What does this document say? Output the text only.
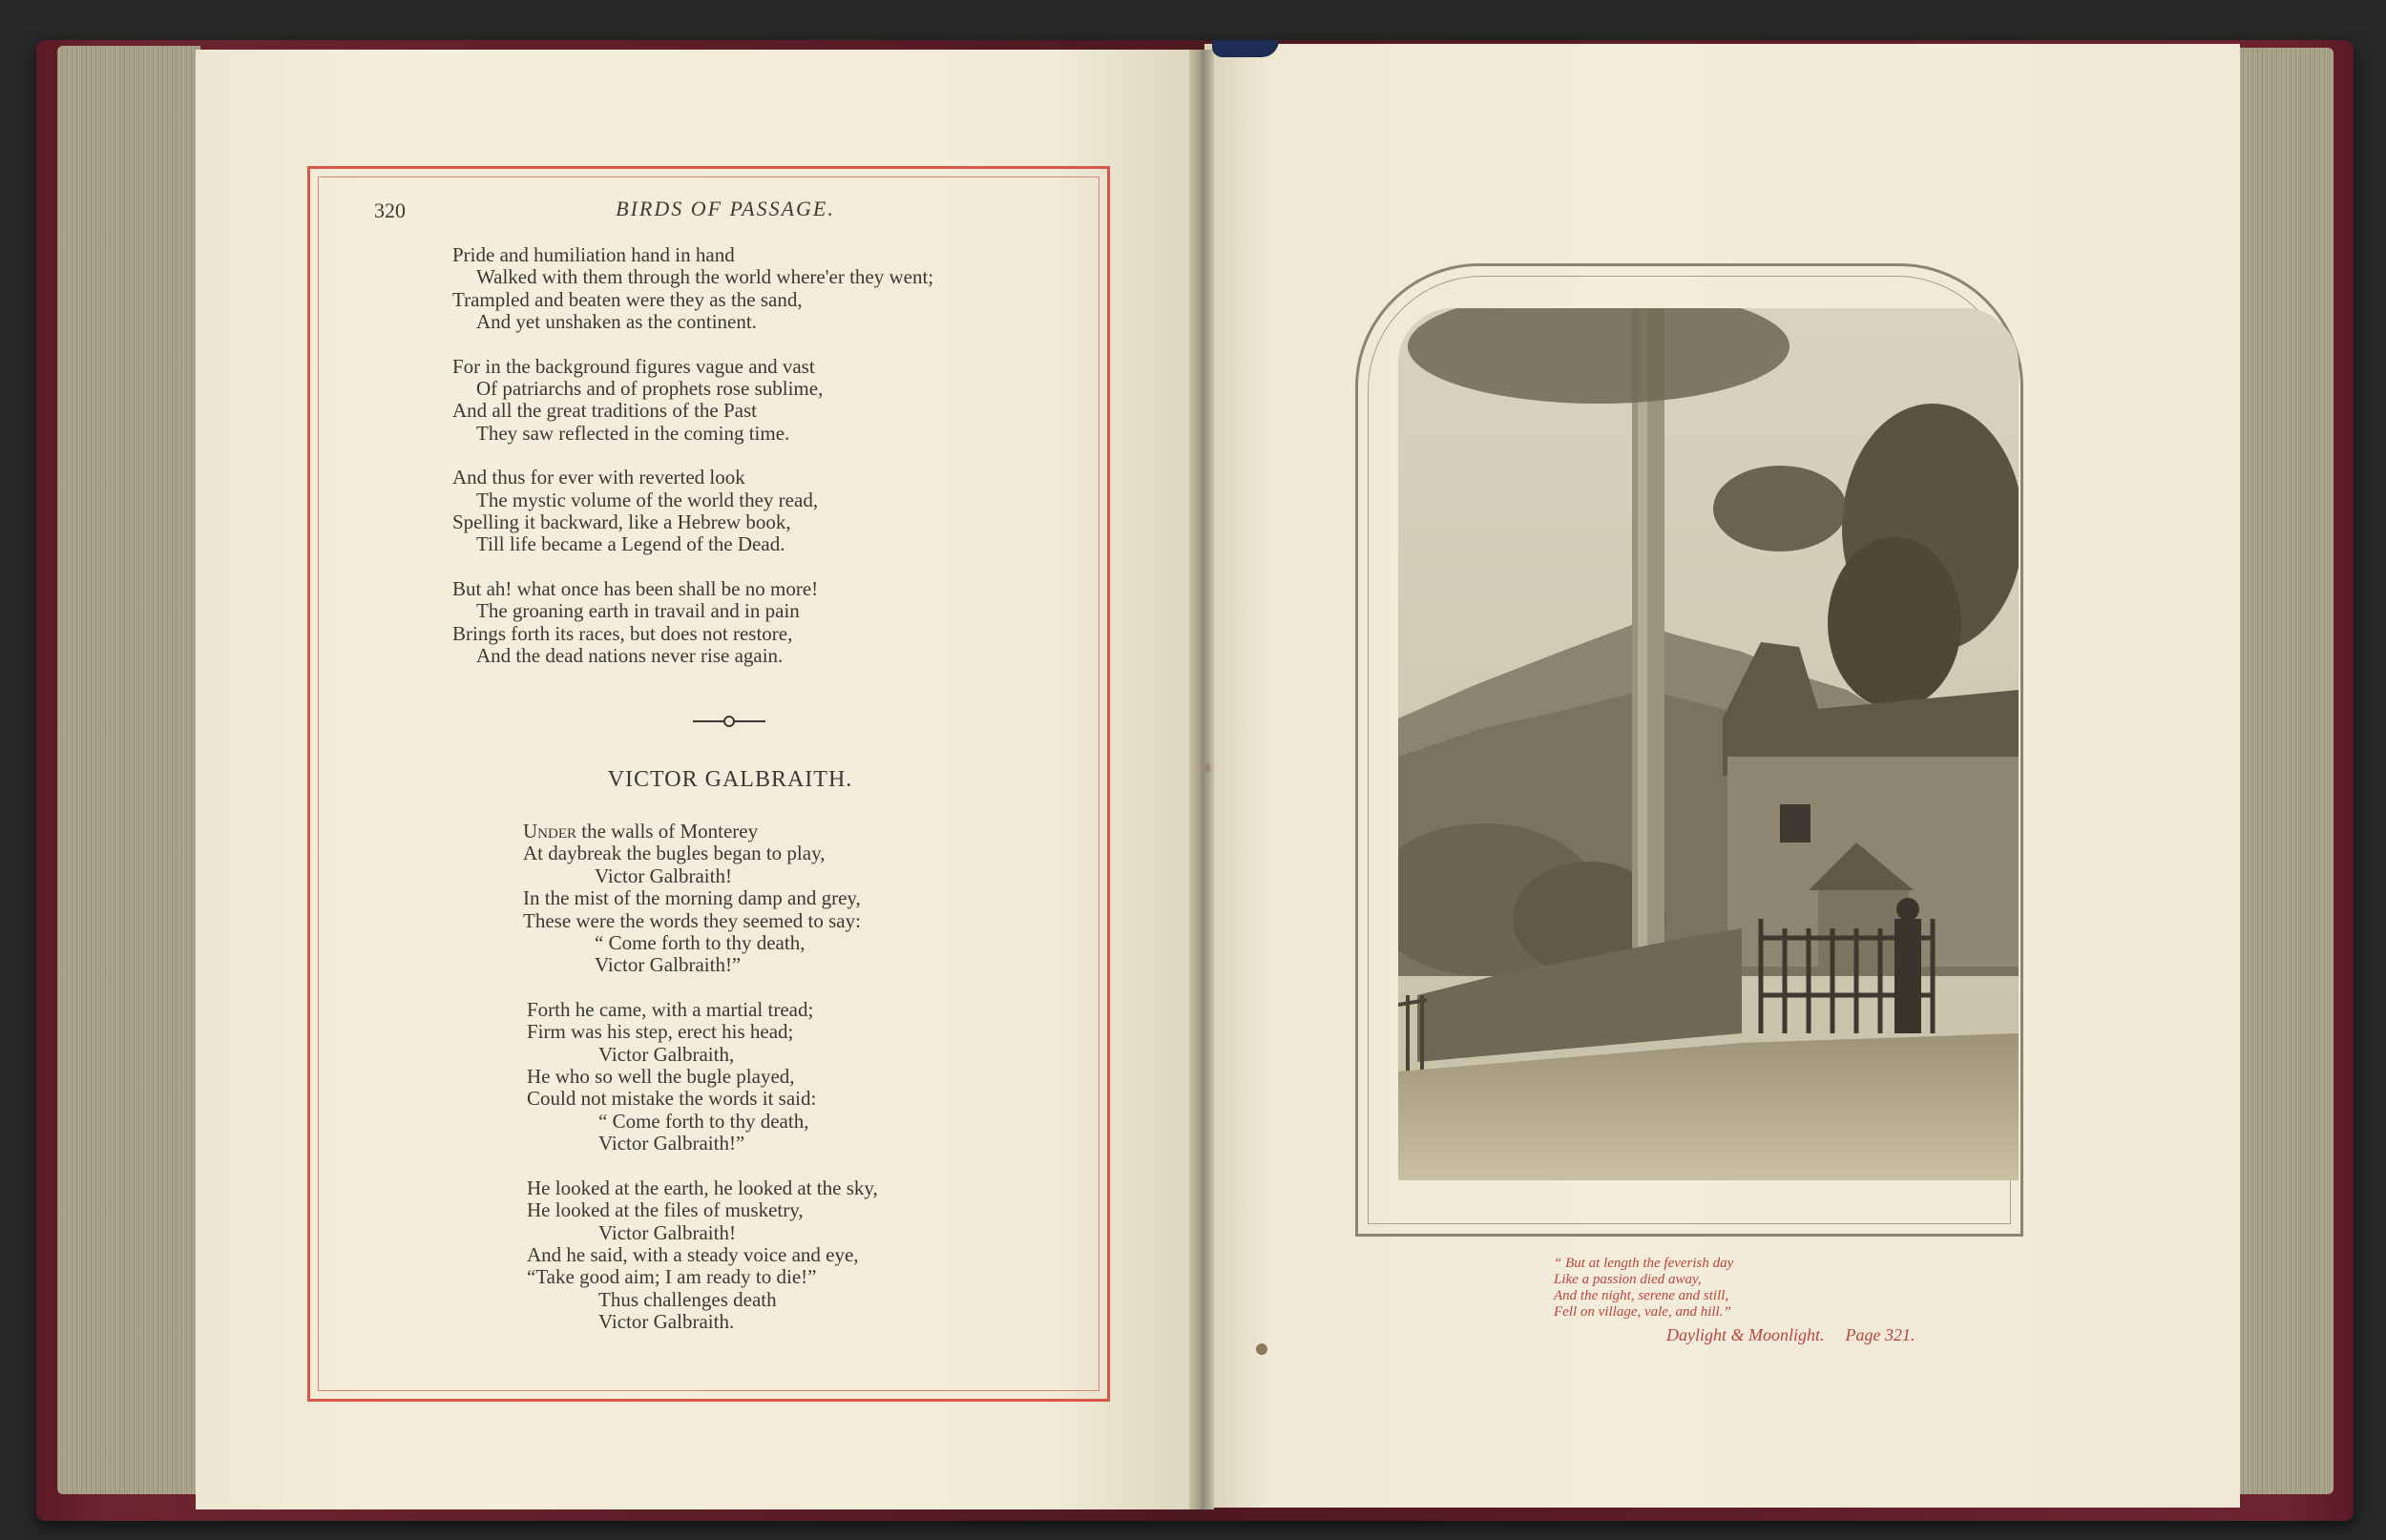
320	BIRDS OF PASSAGE.
Pride and humiliation hand in hand
Walked with them through the world where'er they went;
Trampled and beaten were they as the sand,
And yet unshaken as the continent.
For in the background figures vague and vast
Of patriarchs and of prophets rose sublime,
And all the great traditions of the Past
They saw reflected in the coming time.
And thus for ever with reverted look
The mystic volume of the world they read,
Spelling it backward, like a Hebrew book,
Till life became a Legend of the Dead.
But ah! what once has been shall be no more!
The groaning earth in travail and in pain
Brings forth its races, but does not restore,
And the dead nations never rise again.
VICTOR GALBRAITH.
Under the walls of Monterey
At daybreak the bugles began to play,
Victor Galbraith!
In the mist of the morning damp and grey,
These were the words they seemed to say:
“ Come forth to thy death,
Victor Galbraith!”
Forth he came, with a martial tread;
Firm was his step, erect his head;
Victor Galbraith,
He who so well the bugle played,
Could not mistake the words it said:
“ Come forth to thy death,
Victor Galbraith!”
He looked at the earth, he looked at the sky,
He looked at the files of musketry,
Victor Galbraith!
And he said, with a steady voice and eye,
“Take good aim; I am ready to die!”
Thus challenges death
Victor Galbraith.
“ But at length the feverish day
Like a passion died away,
And the night, serene and still,
Fell on village, vale, and hill.”
Daylight & Moonlight. Page 321.
